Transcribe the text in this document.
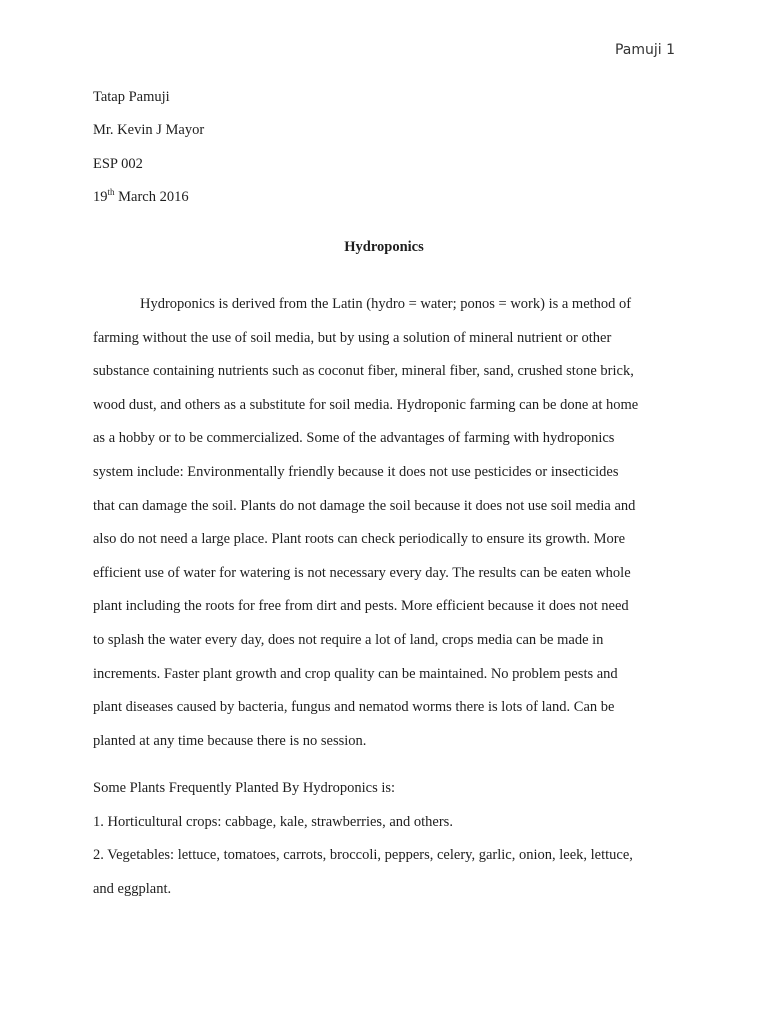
Pamuji 1
Tatap Pamuji
Mr. Kevin J Mayor
ESP 002
19th March 2016
Hydroponics
Hydroponics is derived from the Latin (hydro = water; ponos = work) is a method of
farming without the use of soil media, but by using a solution of mineral nutrient or other
substance containing nutrients such as coconut fiber, mineral fiber, sand, crushed stone brick,
wood dust, and others as a substitute for soil media. Hydroponic farming can be done at home
as a hobby or to be commercialized. Some of the advantages of farming with hydroponics
system include: Environmentally friendly because it does not use pesticides or insecticides
that can damage the soil. Plants do not damage the soil because it does not use soil media and
also do not need a large place. Plant roots can check periodically to ensure its growth. More
efficient use of water for watering is not necessary every day. The results can be eaten whole
plant including the roots for free from dirt and pests. More efficient because it does not need
to splash the water every day, does not require a lot of land, crops media can be made in
increments. Faster plant growth and crop quality can be maintained. No problem pests and
plant diseases caused by bacteria, fungus and nematod worms there is lots of land. Can be
planted at any time because there is no session.
Some Plants Frequently Planted By Hydroponics is:
1. Horticultural crops: cabbage, kale, strawberries, and others.
2. Vegetables: lettuce, tomatoes, carrots, broccoli, peppers, celery, garlic, onion, leek, lettuce,
and eggplant.
